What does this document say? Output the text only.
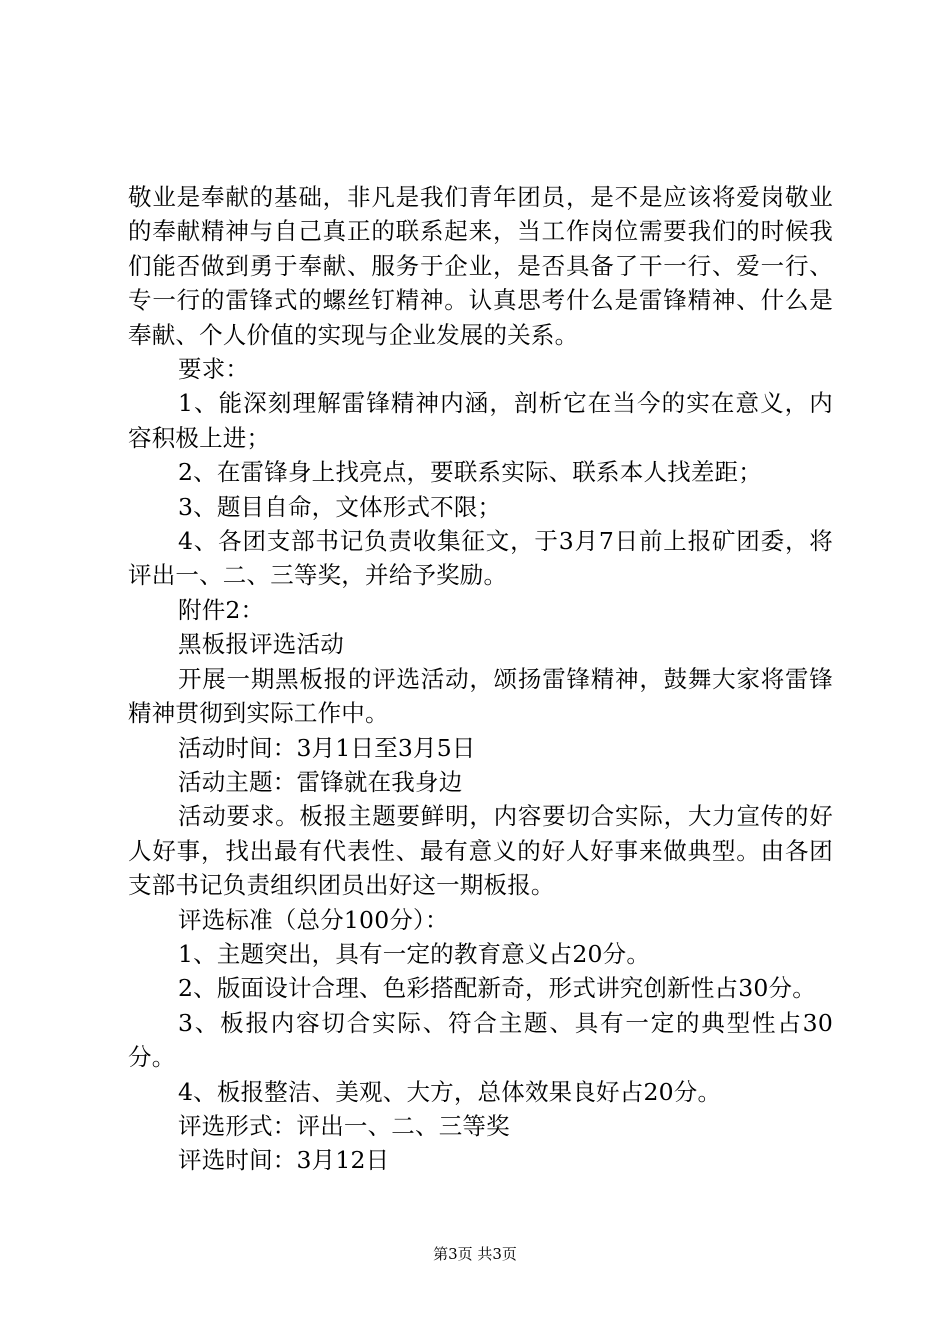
敬业是奉献的基础，非凡是我们青年团员，是不是应该将爱岗敬业的奉献精神与自己真正的联系起来，当工作岗位需要我们的时候我们能否做到勇于奉献、服务于企业，是否具备了干一行、爱一行、专一行的雷锋式的螺丝钉精神。认真思考什么是雷锋精神、什么是奉献、个人价值的实现与企业发展的关系。

要求：

1、能深刻理解雷锋精神内涵，剖析它在当今的实在意义，内容积极上进；

2、在雷锋身上找亮点，要联系实际、联系本人找差距；

3、题目自命，文体形式不限；

4、各团支部书记负责收集征文，于3月7日前上报矿团委，将评出一、二、三等奖，并给予奖励。

附件2：

黑板报评选活动

开展一期黑板报的评选活动，颂扬雷锋精神，鼓舞大家将雷锋精神贯彻到实际工作中。

活动时间：3月1日至3月5日

活动主题：雷锋就在我身边

活动要求。板报主题要鲜明，内容要切合实际，大力宣传的好人好事，找出最有代表性、最有意义的好人好事来做典型。由各团支部书记负责组织团员出好这一期板报。

评选标准（总分100分）：

1、主题突出，具有一定的教育意义占20分。

2、版面设计合理、色彩搭配新奇，形式讲究创新性占30分。

3、板报内容切合实际、符合主题、具有一定的典型性占30分。

4、板报整洁、美观、大方，总体效果良好占20分。

评选形式：评出一、二、三等奖

评选时间：3月12日

第3页 共3页
